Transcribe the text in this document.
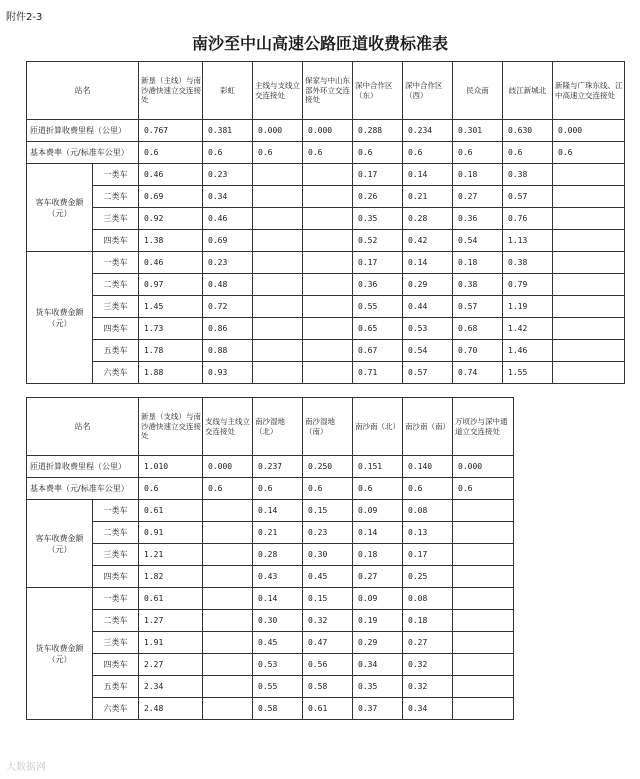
附件2-3
南沙至中山高速公路匝道收费标准表
站名		新垦（主线）与南沙港快速立交连接处	彩虹	主线与支线立交连接处	保家与中山东部外环立交连接处	深中合作区（东）	深中合作区（西）	民众南	歧江新城北	新隆与广珠东线、江中高速立交连接处
匝道折算收费里程（公里）		0.767	0.381	0.000	0.000	0.288	0.234	0.301	0.630	0.000
基本费率（元/标准车公里）		0.6	0.6	0.6	0.6	0.6	0.6	0.6	0.6	0.6
客车收费金额（元）	一类车	0.46	0.23			0.17	0.14	0.18	0.38	
	二类车	0.69	0.34			0.26	0.21	0.27	0.57	
	三类车	0.92	0.46			0.35	0.28	0.36	0.76	
	四类车	1.38	0.69			0.52	0.42	0.54	1.13	
货车收费金额（元）	一类车	0.46	0.23			0.17	0.14	0.18	0.38	
	二类车	0.97	0.48			0.36	0.29	0.38	0.79	
	三类车	1.45	0.72			0.55	0.44	0.57	1.19	
	四类车	1.73	0.86			0.65	0.53	0.68	1.42	
	五类车	1.78	0.88			0.67	0.54	0.70	1.46	
	六类车	1.88	0.93			0.71	0.57	0.74	1.55	
站名		新垦（支线）与南沙港快速立交连接处	支线与主线立交连接处	南沙湿地（北）	南沙湿地（南）	南沙南（北）	南沙南（南）	万顷沙与深中通道立交连接处
匝道折算收费里程（公里）		1.010	0.000	0.237	0.250	0.151	0.140	0.000
基本费率（元/标准车公里）		0.6	0.6	0.6	0.6	0.6	0.6	0.6
客车收费金额（元）	一类车	0.61		0.14	0.15	0.09	0.08	
	二类车	0.91		0.21	0.23	0.14	0.13	
	三类车	1.21		0.28	0.30	0.18	0.17	
	四类车	1.82		0.43	0.45	0.27	0.25	
货车收费金额（元）	一类车	0.61		0.14	0.15	0.09	0.08	
	二类车	1.27		0.30	0.32	0.19	0.18	
	三类车	1.91		0.45	0.47	0.29	0.27	
	四类车	2.27		0.53	0.56	0.34	0.32	
	五类车	2.34		0.55	0.58	0.35	0.32	
	六类车	2.48		0.58	0.61	0.37	0.34	
大数据网
